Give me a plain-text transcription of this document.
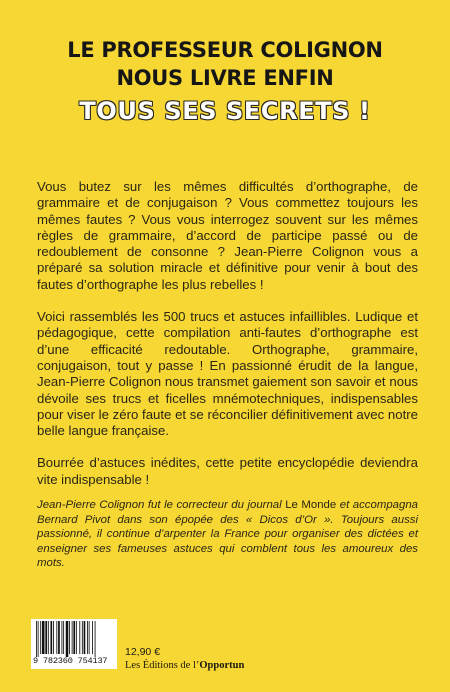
LE PROFESSEUR COLIGNON
NOUS LIVRE ENFIN
TOUS SES SECRETS !

Vous butez sur les mêmes difficultés d’orthographe, de grammaire et de conjugaison ? Vous commettez toujours les mêmes fautes ? Vous vous interrogez souvent sur les mêmes règles de grammaire, d’accord de participe passé ou de redoublement de consonne ? Jean-Pierre Colignon vous a préparé sa solution miracle et définitive pour venir à bout des fautes d’orthographe les plus rebelles !

Voici rassemblés les 500 trucs et astuces infaillibles. Ludique et pédagogique, cette compilation anti-fautes d’orthographe est d’une efficacité redoutable. Orthographe, grammaire, conjugaison, tout y passe ! En passionné érudit de la langue, Jean-Pierre Colignon nous transmet gaiement son savoir et nous dévoile ses trucs et ficelles mnémotechniques, indispensables pour viser le zéro faute et se réconcilier définitivement avec notre belle langue française.

Bourrée d’astuces inédites, cette petite encyclopédie deviendra vite indispensable !

Jean-Pierre Colignon fut le correcteur du journal Le Monde et accompagna Bernard Pivot dans son épopée des « Dicos d’Or ». Toujours aussi passionné, il continue d’arpenter la France pour organiser des dictées et enseigner ses fameuses astuces qui comblent tous les amoureux des mots.
9 782360 754137
12,90 €
Les Éditions de l’Opportun
